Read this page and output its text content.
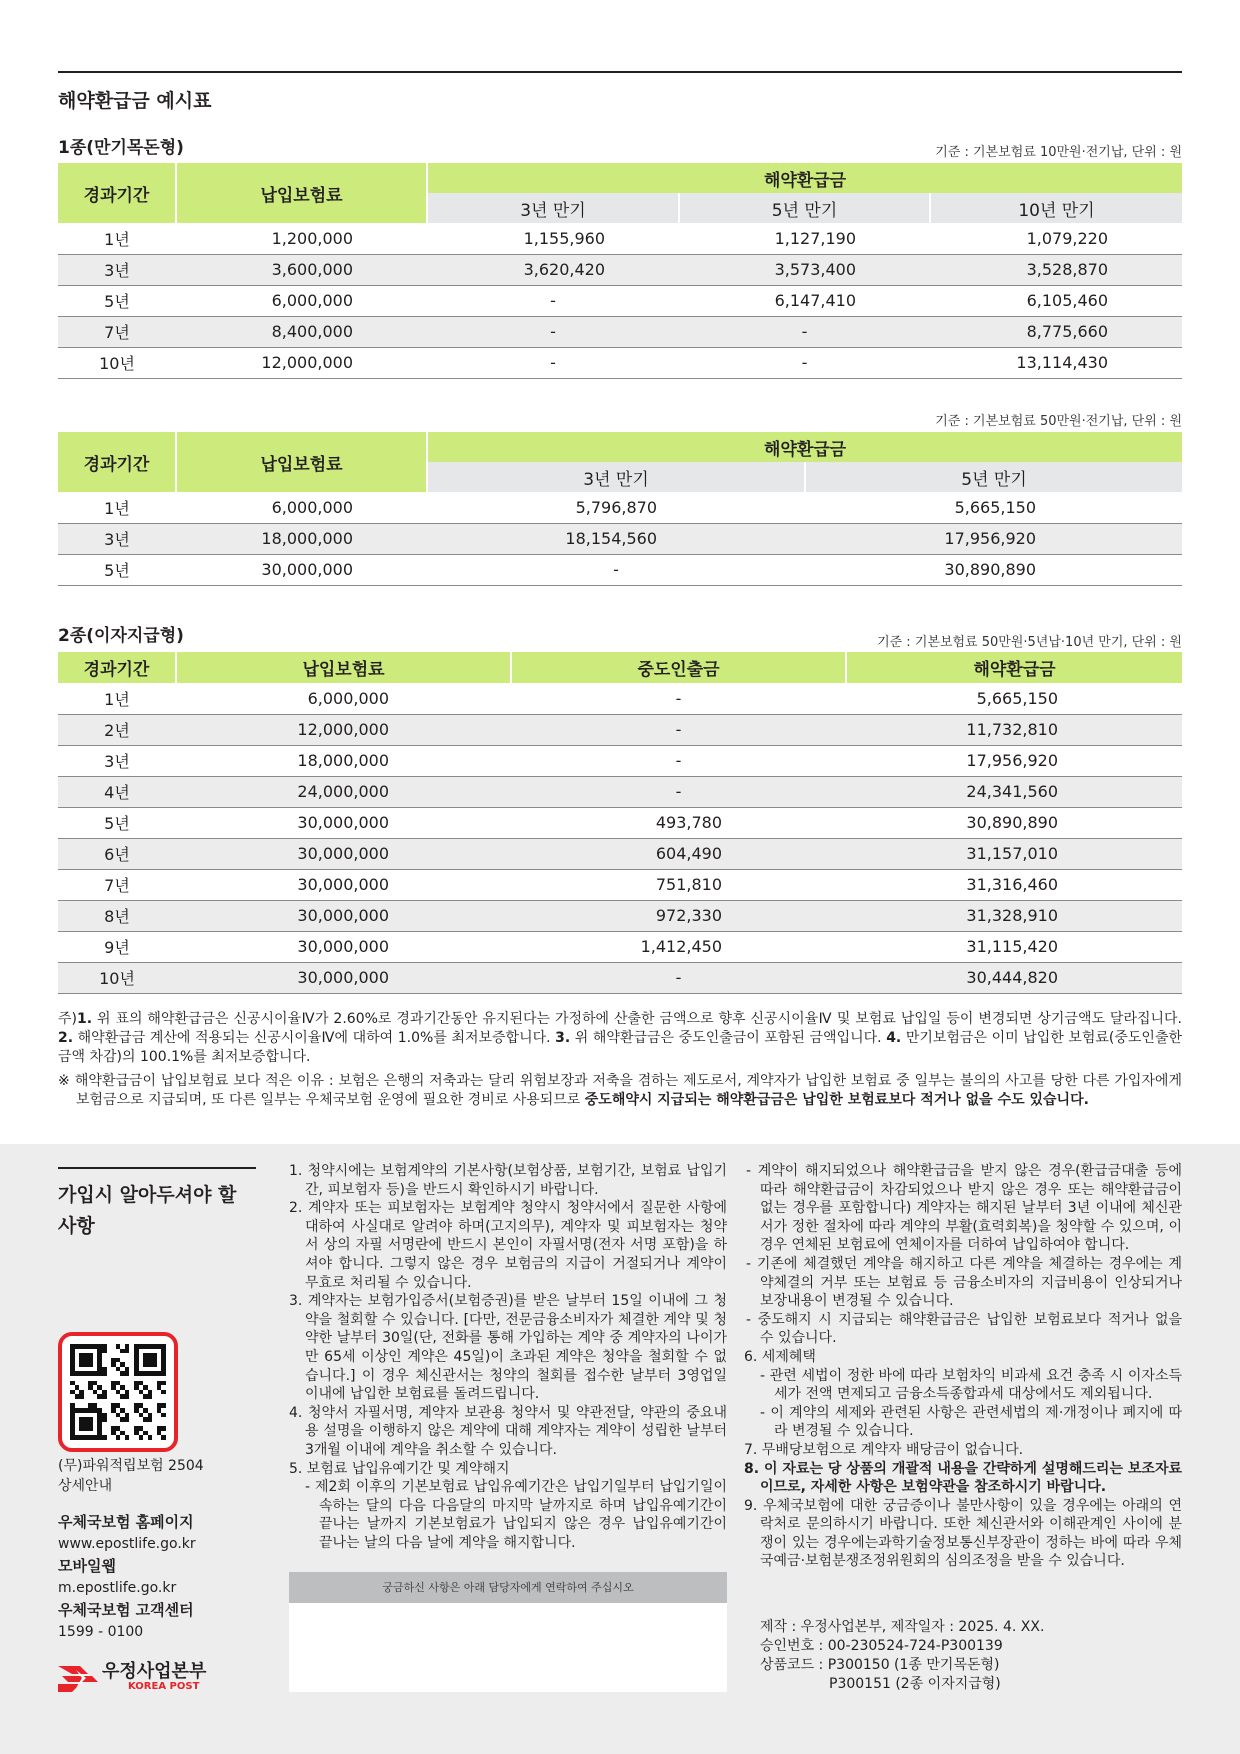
해약환급금 예시표
1종(만기목돈형)	기준 : 기본보험료 10만원·전기납, 단위 : 원
경과기간	납입보험료	해약환급금		
		3년 만기	5년 만기	10년 만기
1년	1,200,000	1,155,960	1,127,190	1,079,220
3년	3,600,000	3,620,420	3,573,400	3,528,870
5년	6,000,000	-	6,147,410	6,105,460
7년	8,400,000	-	-	8,775,660
10년	12,000,000	-	-	13,114,430
기준 : 기본보험료 50만원·전기납, 단위 : 원
경과기간	납입보험료	해약환급금	
		3년 만기	5년 만기
1년	6,000,000	5,796,870	5,665,150
3년	18,000,000	18,154,560	17,956,920
5년	30,000,000	-	30,890,890
2종(이자지급형)	기준 : 기본보험료 50만원·5년납·10년 만기, 단위 : 원
경과기간	납입보험료	중도인출금	해약환급금
1년	6,000,000	-	5,665,150
2년	12,000,000	-	11,732,810
3년	18,000,000	-	17,956,920
4년	24,000,000	-	24,341,560
5년	30,000,000	493,780	30,890,890
6년	30,000,000	604,490	31,157,010
7년	30,000,000	751,810	31,316,460
8년	30,000,000	972,330	31,328,910
9년	30,000,000	1,412,450	31,115,420
10년	30,000,000	-	30,444,820
주)1. 위 표의 해약환급금은 신공시이율Ⅳ가 2.60%로 경과기간동안 유지된다는 가정하에 산출한 금액으로 향후 신공시이율Ⅳ 및 보험료 납입일 등이 변경되면 상기금액도 달라집니다. 2. 해약환급금 계산에 적용되는 신공시이율Ⅳ에 대하여 1.0%를 최저보증합니다. 3. 위 해약환급금은 중도인출금이 포함된 금액입니다. 4. 만기보험금은 이미 납입한 보험료(중도인출한 금액 차감)의 100.1%를 최저보증합니다.
※ 해약환급금이 납입보험료 보다 적은 이유 : 보험은 은행의 저축과는 달리 위험보장과 저축을 겸하는 제도로서, 계약자가 납입한 보험료 중 일부는 불의의 사고를 당한 다른 가입자에게 보험금으로 지급되며, 또 다른 일부는 우체국보험 운영에 필요한 경비로 사용되므로 중도해약시 지급되는 해약환급금은 납입한 보험료보다 적거나 없을 수도 있습니다.
가입시 알아두셔야 할 사항
(무)파워적립보험 2504
상세안내
우체국보험 홈페이지
www.epostlife.go.kr
모바일웹
m.epostlife.go.kr
우체국보험 고객센터
1599 - 0100
우정사업본부
KOREA POST

1. 청약시에는 보험계약의 기본사항(보험상품, 보험기간, 보험료 납입기간, 피보험자 등)을 반드시 확인하시기 바랍니다.

2. 계약자 또는 피보험자는 보험계약 청약시 청약서에서 질문한 사항에 대하여 사실대로 알려야 하며(고지의무), 계약자 및 피보험자는 청약서 상의 자필 서명란에 반드시 본인이 자필서명(전자 서명 포함)을 하셔야 합니다. 그렇지 않은 경우 보험금의 지급이 거절되거나 계약이 무효로 처리될 수 있습니다.

3. 계약자는 보험가입증서(보험증권)를 받은 날부터 15일 이내에 그 청약을 철회할 수 있습니다. [다만, 전문금융소비자가 체결한 계약 및 청약한 날부터 30일(단, 전화를 통해 가입하는 계약 중 계약자의 나이가 만 65세 이상인 계약은 45일)이 초과된 계약은 청약을 철회할 수 없습니다.] 이 경우 체신관서는 청약의 철회를 접수한 날부터 3영업일 이내에 납입한 보험료를 돌려드립니다.

4. 청약서 자필서명, 계약자 보관용 청약서 및 약관전달, 약관의 중요내용 설명을 이행하지 않은 계약에 대해 계약자는 계약이 성립한 날부터 3개월 이내에 계약을 취소할 수 있습니다.

5. 보험료 납입유예기간 및 계약해지

- 제2회 이후의 기본보험료 납입유예기간은 납입기일부터 납입기일이 속하는 달의 다음 다음달의 마지막 날까지로 하며 납입유예기간이 끝나는 날까지 기본보험료가 납입되지 않은 경우 납입유예기간이 끝나는 날의 다음 날에 계약을 해지합니다.

궁금하신 사항은 아래 담당자에게 연락하여 주십시오

- 계약이 해지되었으나 해약환급금을 받지 않은 경우(환급금대출 등에 따라 해약환급금이 차감되었으나 받지 않은 경우 또는 해약환급금이 없는 경우를 포함합니다) 계약자는 해지된 날부터 3년 이내에 체신관서가 정한 절차에 따라 계약의 부활(효력회복)을 청약할 수 있으며, 이 경우 연체된 보험료에 연체이자를 더하여 납입하여야 합니다.

- 기존에 체결했던 계약을 해지하고 다른 계약을 체결하는 경우에는 계약체결의 거부 또는 보험료 등 금융소비자의 지급비용이 인상되거나 보장내용이 변경될 수 있습니다.

- 중도해지 시 지급되는 해약환급금은 납입한 보험료보다 적거나 없을 수 있습니다.

6. 세제혜택

- 관련 세법이 정한 바에 따라 보험차익 비과세 요건 충족 시 이자소득세가 전액 면제되고 금융소득종합과세 대상에서도 제외됩니다.

- 이 계약의 세제와 관련된 사항은 관련세법의 제·개정이나 폐지에 따라 변경될 수 있습니다.

7. 무배당보험으로 계약자 배당금이 없습니다.

8. 이 자료는 당 상품의 개괄적 내용을 간략하게 설명해드리는 보조자료이므로, 자세한 사항은 보험약관을 참조하시기 바랍니다.

9. 우체국보험에 대한 궁금증이나 불만사항이 있을 경우에는 아래의 연락처로 문의하시기 바랍니다. 또한 체신관서와 이해관계인 사이에 분쟁이 있는 경우에는과학기술정보통신부장관이 정하는 바에 따라 우체국예금·보험분쟁조정위원회의 심의조정을 받을 수 있습니다.

제작 : 우정사업본부, 제작일자 : 2025. 4. XX.
승인번호 : 00-230524-724-P300139
상품코드 : P300150 (1종 만기목돈형)
P300151 (2종 이자지급형)
